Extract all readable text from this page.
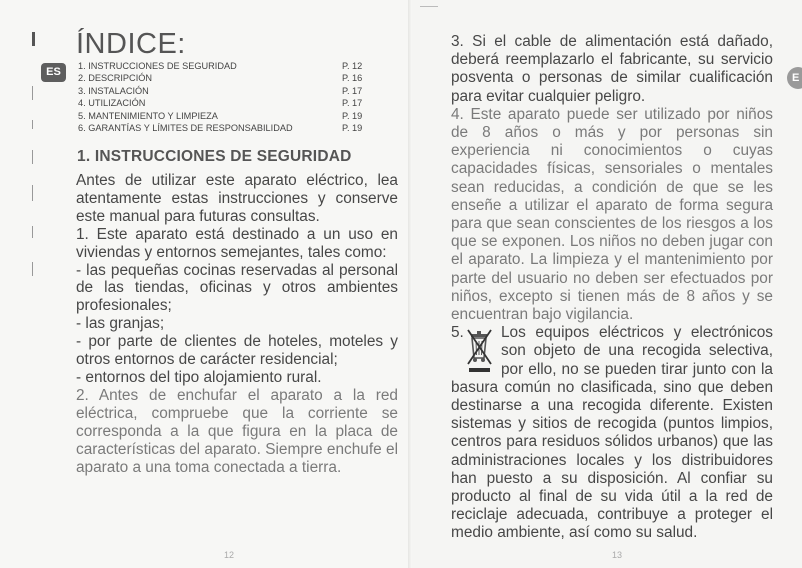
ES	E
ÍNDICE:
1. INSTRUCCIONES DE SEGURIDAD	P. 12
2. DESCRIPCIÓN	P. 16
3. INSTALACIÓN	P. 17
4. UTILIZACIÓN	P. 17
5. MANTENIMIENTO Y LIMPIEZA	P. 19
6. GARANTÍAS Y LÍMITES DE RESPONSABILIDAD	P. 19
1. INSTRUCCIONES DE SEGURIDAD

Antes de utilizar este aparato eléctrico, lea atentamente estas instrucciones y conserve este manual para futuras consultas.

1. Este aparato está destinado a un uso en viviendas y entornos semejantes, tales como:

- las pequeñas cocinas reservadas al personal de las tiendas, oficinas y otros ambientes profesionales;

- las granjas;

- por parte de clientes de hoteles, moteles y otros entornos de carácter residencial;

- entornos del tipo alojamiento rural.

2. Antes de enchufar el aparato a la red eléctrica, compruebe que la corriente se corresponda a la que figura en la placa de características del aparato. Siempre enchufe el aparato a una toma conectada a tierra.

3. Si el cable de alimentación está dañado, deberá reemplazarlo el fabricante, su servicio posventa o personas de similar cualificación para evitar cualquier peligro.

4. Este aparato puede ser utilizado por niños de 8 años o más y por personas sin experiencia ni conocimientos o cuyas capacidades físicas, sensoriales o mentales sean reducidas, a condición de que se les enseñe a utilizar el aparato de forma segura para que sean conscientes de los riesgos a los que se exponen. Los niños no deben jugar con el aparato. La limpieza y el mantenimiento por parte del usuario no deben ser efectuados por niños, excepto si tienen más de 8 años y se encuentran bajo vigilancia.

5.	Los equipos eléctricos y electrónicos son objeto de una recogida selectiva, por ello, no se pueden tirar junto con la basura común no clasificada, sino que deben destinarse a una recogida diferente. Existen sistemas y sitios de recogida (puntos limpios, centros para residuos sólidos urbanos) que las administraciones locales y los distribuidores han puesto a su disposición. Al confiar su producto al final de su vida útil a la red de reciclaje adecuada, contribuye a proteger el medio ambiente, así como su salud.

12	13
